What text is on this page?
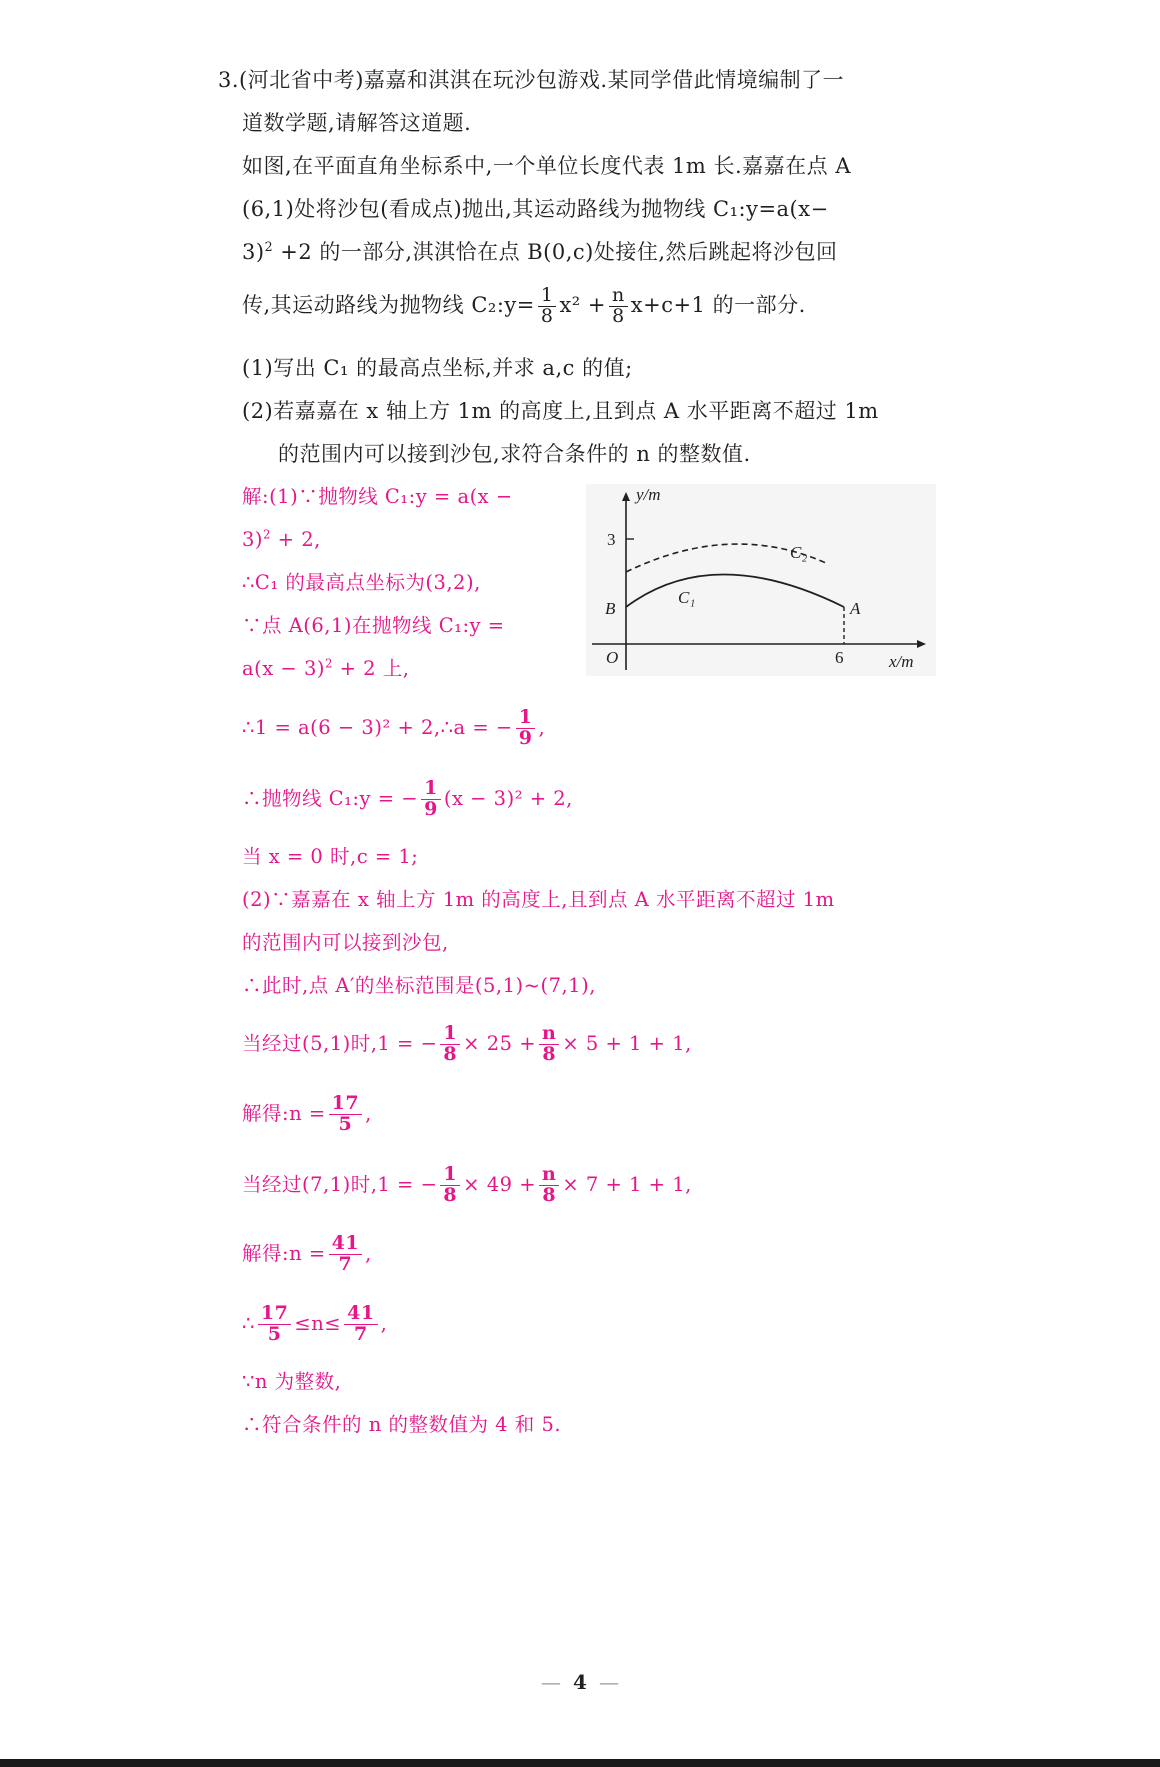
3.(河北省中考)嘉嘉和淇淇在玩沙包游戏.某同学借此情境编制了一
道数学题,请解答这道题.
如图,在平面直角坐标系中,一个单位长度代表 1m 长.嘉嘉在点 A
(6,1)处将沙包(看成点)抛出,其运动路线为抛物线 C₁:y=a(x−
3)$^2$ +2 的一部分,淇淇恰在点 B(0,c)处接住,然后跳起将沙包回
传,其运动路线为抛物线 C₂:y= $\frac{1}{8} x^2 + \frac{n}{8} x+c+1$ 的一部分.
(1)写出 C₁ 的最高点坐标,并求 a,c 的值;
(2)若嘉嘉在 x 轴上方 1m 的高度上,且到点 A 水平距离不超过 1m
的范围内可以接到沙包,求符合条件的 n 的整数值.
解:(1)∵抛物线 C₁:y = a(x −
3)$^2$ + 2,
∴C₁ 的最高点坐标为(3,2),
∵点 A(6,1)在抛物线 C₁:y =
$a(x - 3)^2 + 2$ 上,
∴1 = a(6 − 3)² + 2,∴a = − $\frac{1}{9}$ ,
∴抛物线 C₁:y = − $\frac{1}{9} (x - 3)^2 + 2$,
当 x = 0 时,c = 1;
(2)∵嘉嘉在 x 轴上方 1m 的高度上,且到点 A 水平距离不超过 1m
的范围内可以接到沙包,
∴此时,点 A′的坐标范围是(5,1)~(7,1),
当经过(5,1)时,1 = − $\frac{1}{8} \times 25 + \frac{n}{8} \times 5 + 1 + 1$,
解得:n = $\frac{17}{5}$ ,
当经过(7,1)时,1 = − $\frac{1}{8} \times 49 + \frac{n}{8} \times 7 + 1 + 1$,
解得:n = $\frac{41}{7}$ ,
∴ $\frac{17}{5} \le n\le \frac{41}{7}$ ,
∵n 为整数,
∴符合条件的 n 的整数值为 4 和 5.
y/m
x/m
O
3
6
B	A
C₁
C₂
— 4 —
